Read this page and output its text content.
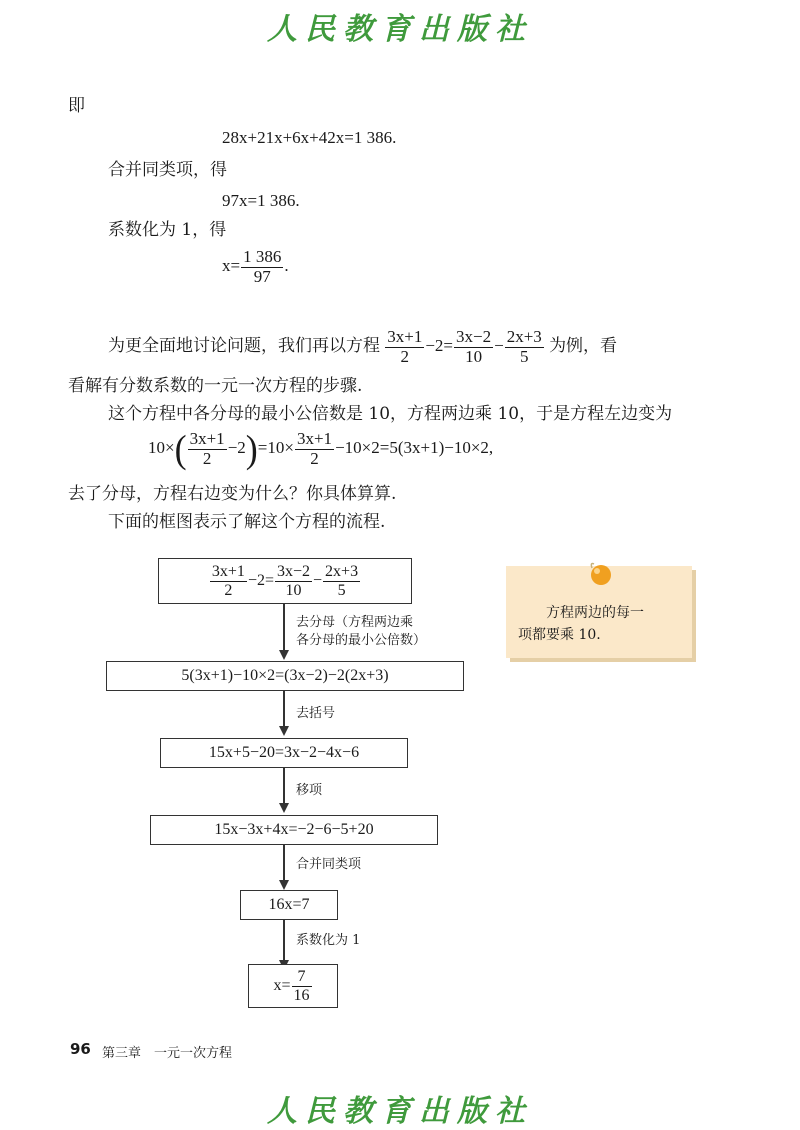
人民教育出版社
即
28x+21x+6x+42x=1 386.
合并同类项，得
97x=1 386.
系数化为 1，得
$x= \frac{1 386}{97}$ .
为更全面地讨论问题，我们再以方程 $\frac{3x+1}{2} -2= \frac{3x-2}{10} - \frac{2x+3}{5}$ 为例，看
看解有分数系数的一元一次方程的步骤.
这个方程中各分母的最小公倍数是 10，方程两边乘 10，于是方程左边变为
$10\times( \frac{3x+1}{2} -2)=10\times \frac{3x+1}{2} -10\times 2=5(3x+1)-10\times 2$,
去了分母，方程右边变为什么？你具体算算.
下面的框图表示了解这个方程的流程.
$\frac{3x+1}{2} -2= \frac{3x-2}{10} - \frac{2x+3}{5}$
去分母（方程两边乘
各分母的最小公倍数）
5(3x+1)−10×2=(3x−2)−2(2x+3)
去括号
15x+5−20=3x−2−4x−6
移项
15x−3x+4x=−2−6−5+20
合并同类项
16x=7
系数化为 1
$x= \frac{7}{16}$
方程两边的每一
项都要乘 10.
96 第三章　一元一次方程
人民教育出版社
